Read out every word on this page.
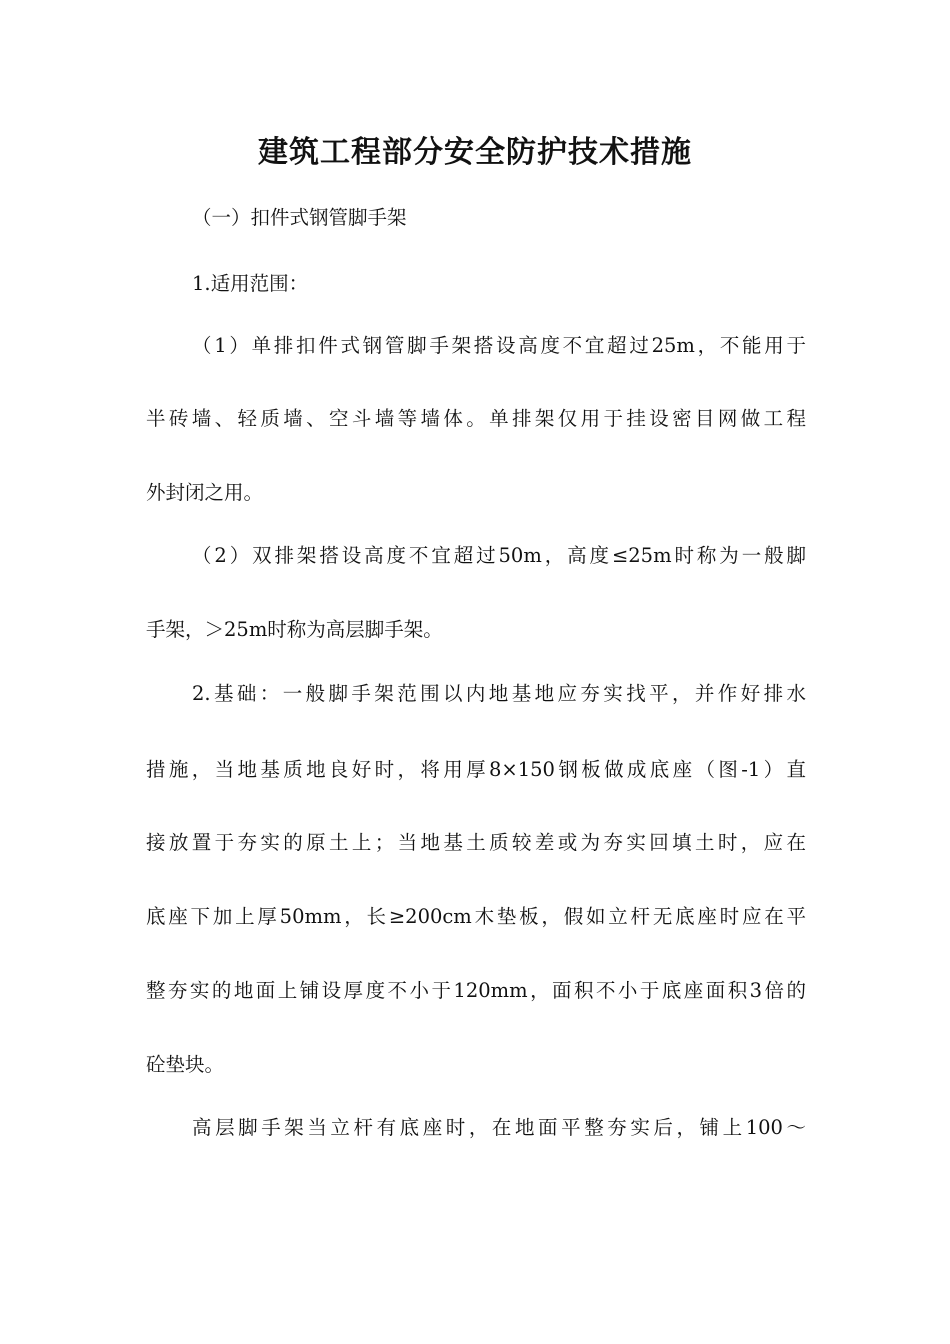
建筑工程部分安全防护技术措施

（一）扣件式钢管脚手架

1.适用范围：

（1）单排扣件式钢管脚手架搭设高度不宜超过25m，不能用于

半砖墙、轻质墙、空斗墙等墙体。单排架仅用于挂设密目网做工程

外封闭之用。

（2）双排架搭设高度不宜超过50m，高度≤25m时称为一般脚

手架，＞25m时称为高层脚手架。

2.基础：一般脚手架范围以内地基地应夯实找平，并作好排水

措施，当地基质地良好时，将用厚8×150钢板做成底座（图-1）直

接放置于夯实的原土上；当地基土质较差或为夯实回填土时，应在

底座下加上厚50mm，长≥200cm木垫板，假如立杆无底座时应在平

整夯实的地面上铺设厚度不小于120mm，面积不小于底座面积3倍的

砼垫块。

高层脚手架当立杆有底座时，在地面平整夯实后，铺上100～
